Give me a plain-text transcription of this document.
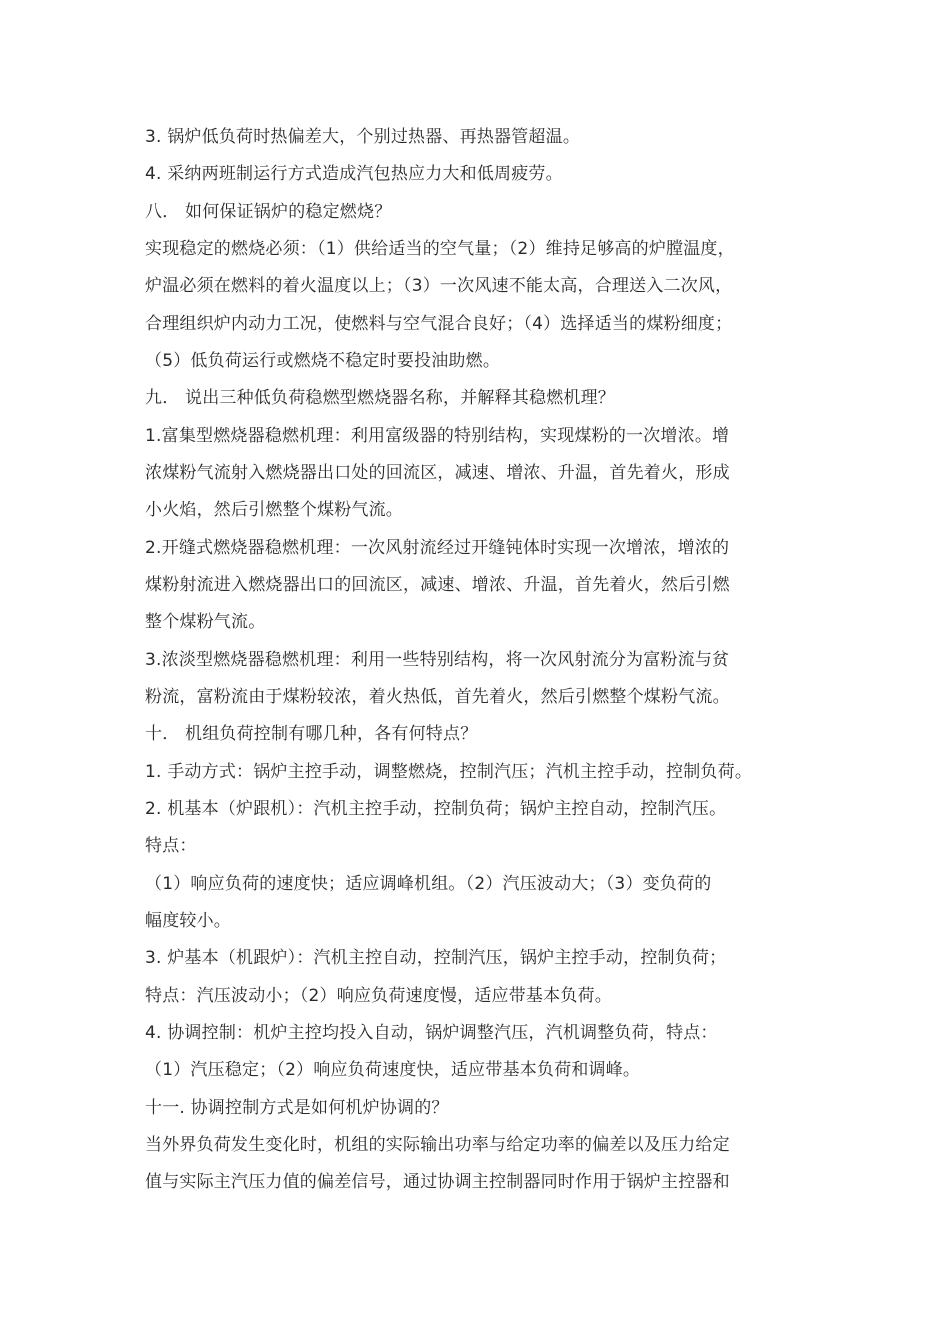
3. 锅炉低负荷时热偏差大，个别过热器、再热器管超温。

4. 采纳两班制运行方式造成汽包热应力大和低周疲劳。

八． 如何保证锅炉的稳定燃烧？

实现稳定的燃烧必须：（1）供给适当的空气量；（2）维持足够高的炉膛温度，

炉温必须在燃料的着火温度以上；（3）一次风速不能太高，合理送入二次风，

合理组织炉内动力工况，使燃料与空气混合良好；（4）选择适当的煤粉细度；

（5）低负荷运行或燃烧不稳定时要投油助燃。

九． 说出三种低负荷稳燃型燃烧器名称，并解释其稳燃机理？

1.富集型燃烧器稳燃机理：利用富级器的特别结构，实现煤粉的一次增浓。增

浓煤粉气流射入燃烧器出口处的回流区，减速、增浓、升温，首先着火，形成

小火焰，然后引燃整个煤粉气流。

2.开缝式燃烧器稳燃机理：一次风射流经过开缝钝体时实现一次增浓，增浓的

煤粉射流进入燃烧器出口的回流区，减速、增浓、升温，首先着火，然后引燃

整个煤粉气流。

3.浓淡型燃烧器稳燃机理：利用一些特别结构，将一次风射流分为富粉流与贫

粉流，富粉流由于煤粉较浓，着火热低，首先着火，然后引燃整个煤粉气流。

十． 机组负荷控制有哪几种，各有何特点？

1. 手动方式：锅炉主控手动，调整燃烧，控制汽压；汽机主控手动，控制负荷。

2. 机基本（炉跟机）：汽机主控手动，控制负荷；锅炉主控自动，控制汽压。

特点：

（1）响应负荷的速度快；适应调峰机组。（2）汽压波动大；（3）变负荷的

幅度较小。

3. 炉基本（机跟炉）：汽机主控自动，控制汽压，锅炉主控手动，控制负荷；

特点：汽压波动小；（2）响应负荷速度慢，适应带基本负荷。

4. 协调控制：机炉主控均投入自动，锅炉调整汽压，汽机调整负荷，特点：

（1）汽压稳定；（2）响应负荷速度快，适应带基本负荷和调峰。

十一. 协调控制方式是如何机炉协调的？

当外界负荷发生变化时，机组的实际输出功率与给定功率的偏差以及压力给定

值与实际主汽压力值的偏差信号，通过协调主控制器同时作用于锅炉主控器和
